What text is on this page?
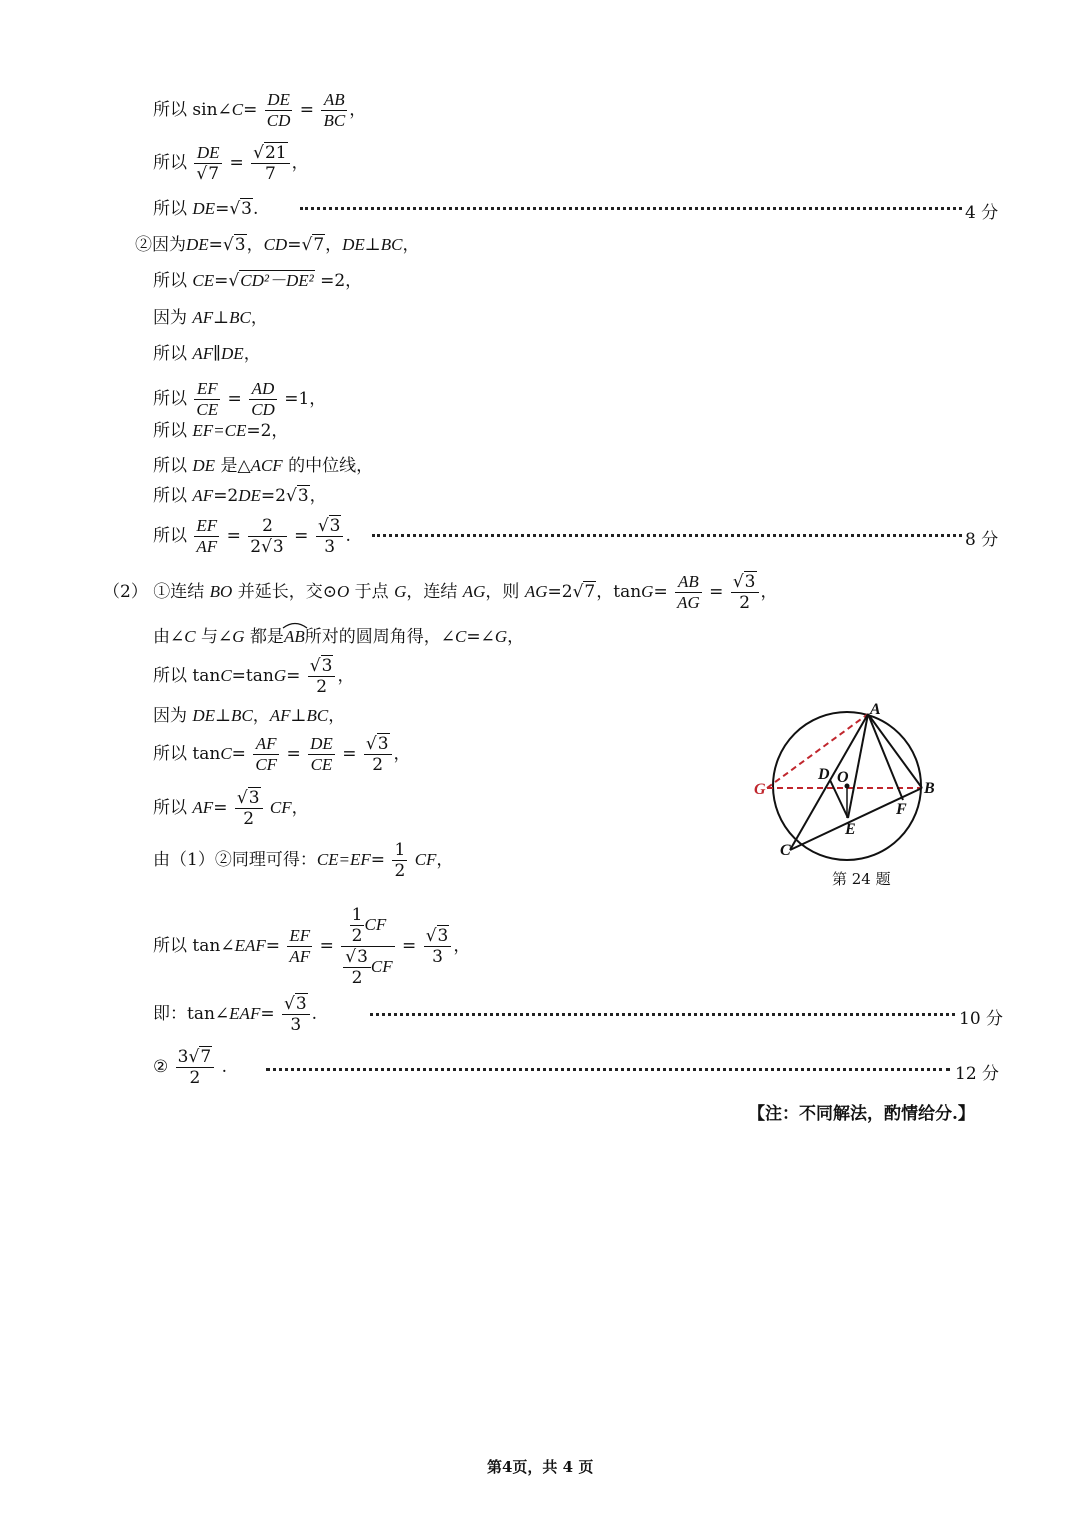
所以 sin∠C= $\frac{DE}{CD} = \frac{AB}{BC}$ ，
所以 $\frac{DE}{√7} = \frac{√21}{7}$ ，
所以 DE=√3.	4 分
②因为DE=√3，CD=√7，DE⊥BC，
所以 CE=√CD²－DE² =2，
因为 AF⊥BC，
所以 AF∥DE，
所以 $\frac{EF}{CE} = \frac{AD}{CD} =1$，
所以 EF=CE=2，
所以 DE 是△ACF 的中位线，
所以 AF=2DE=2√3，
所以 $\frac{EF}{AF} = \frac{2}{2√3} = \frac{√3}{3}$ .	8 分
（2） ①连结 BO 并延长，交⊙O 于点 G，连结 AG，则 AG=2√7，$\tan G= \frac{AB}{AG} = \frac{√3}{2}$ ，
由∠C 与∠G 都是
AB所对的圆周角得，∠C=∠G，
所以 $\tan C=\tan G= \frac{√3}{2}$ ，
因为 DE⊥BC，AF⊥BC，
所以 $\tan C= \frac{AF}{CF} = \frac{DE}{CE} = \frac{√3}{2}$ ，
所以 $AF= \frac{√3}{2}$ CF，
由（1）②同理可得：$CE=EF= \frac{1}{2}$ CF，
所以 tan∠EAF= $\frac{EF}{AF} = \frac{\frac{1}{2} CF}{\frac{√3}{2} CF} = \frac{√3}{3}$ ，
即：tan∠EAF= $\frac{√3}{3}$ .	10 分
② $\frac{3√7}{2}$ .	12 分
【注：不同解法，酌情给分.】
A
B
C
D
E
F
G
O
第 24 题
第4页，共 4 页
